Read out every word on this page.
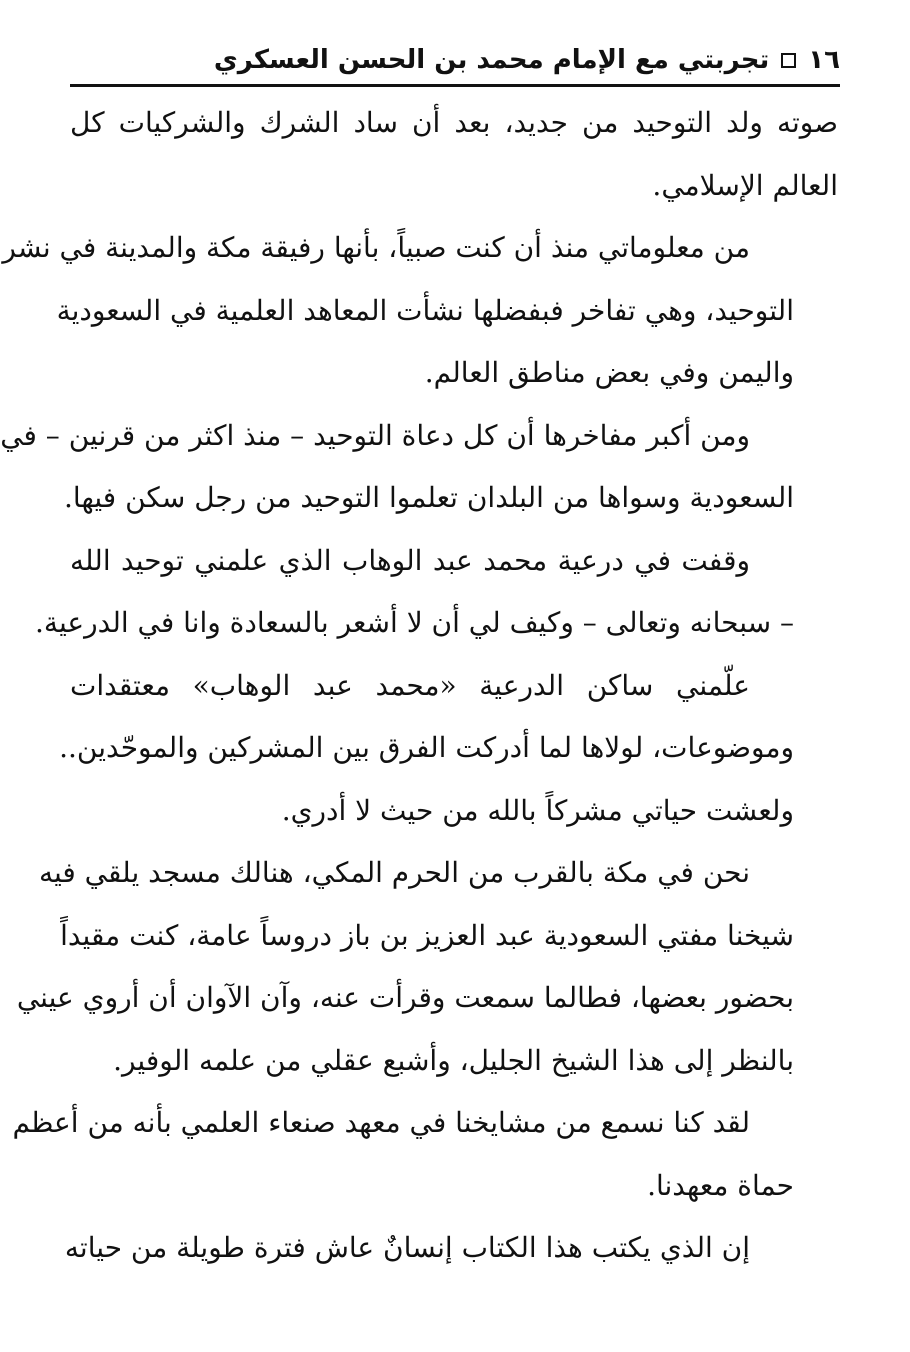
١٦
تجربتي مع الإمام محمد بن الحسن العسكري
صوته ولد التوحيد من جديد، بعد أن ساد الشرك والشركيات كل
العالم الإسلامي.
من معلوماتي منذ أن كنت صبياً، بأنها رفيقة مكة والمدينة في نشر
التوحيد، وهي تفاخر فبفضلها نشأت المعاهد العلمية في السعودية
واليمن وفي بعض مناطق العالم.
ومن أكبر مفاخرها أن كل دعاة التوحيد – منذ اكثر من قرنين – في
السعودية وسواها من البلدان تعلموا التوحيد من رجل سكن فيها.
وقفت في درعية محمد عبد الوهاب الذي علمني توحيد الله
– سبحانه وتعالى – وكيف لي أن لا أشعر بالسعادة وانا في الدرعية.
علّمني ساكن الدرعية «محمد عبد الوهاب» معتقدات
وموضوعات، لولاها لما أدركت الفرق بين المشركين والموحّدين..
ولعشت حياتي مشركاً بالله من حيث لا أدري.
نحن في مكة بالقرب من الحرم المكي، هنالك مسجد يلقي فيه
شيخنا مفتي السعودية عبد العزيز بن باز دروساً عامة، كنت مقيداً
بحضور بعضها، فطالما سمعت وقرأت عنه، وآن الآوان أن أروي عيني
بالنظر إلى هذا الشيخ الجليل، وأشبع عقلي من علمه الوفير.
لقد كنا نسمع من مشايخنا في معهد صنعاء العلمي بأنه من أعظم
حماة معهدنا.
إن الذي يكتب هذا الكتاب إنسانٌ عاش فترة طويلة من حياته
